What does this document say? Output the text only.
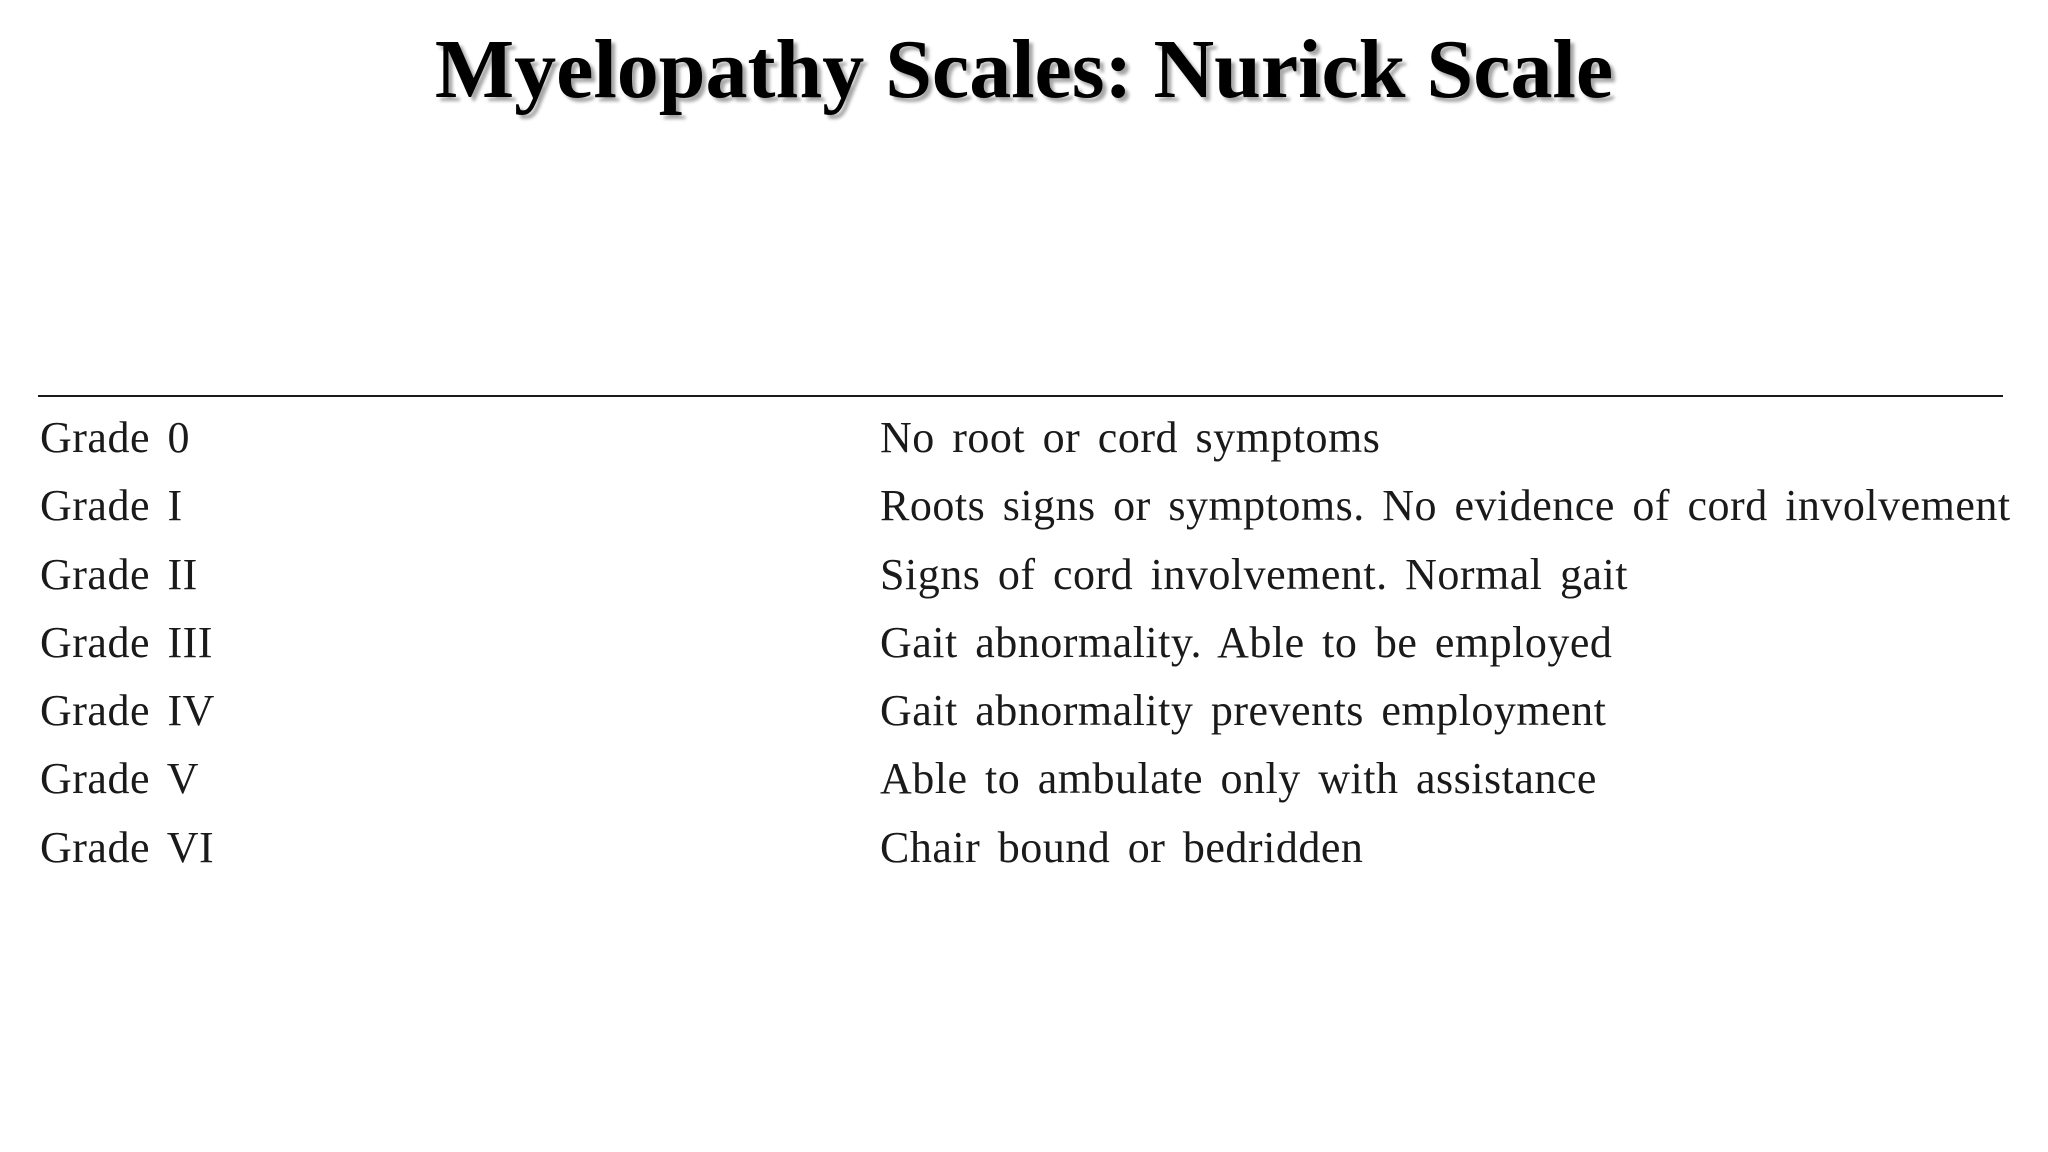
Myelopathy Scales: Nurick Scale
Grade 0	No root or cord symptoms
Grade I	Roots signs or symptoms. No evidence of cord involvement
Grade II	Signs of cord involvement. Normal gait
Grade III	Gait abnormality. Able to be employed
Grade IV	Gait abnormality prevents employment
Grade V	Able to ambulate only with assistance
Grade VI	Chair bound or bedridden
